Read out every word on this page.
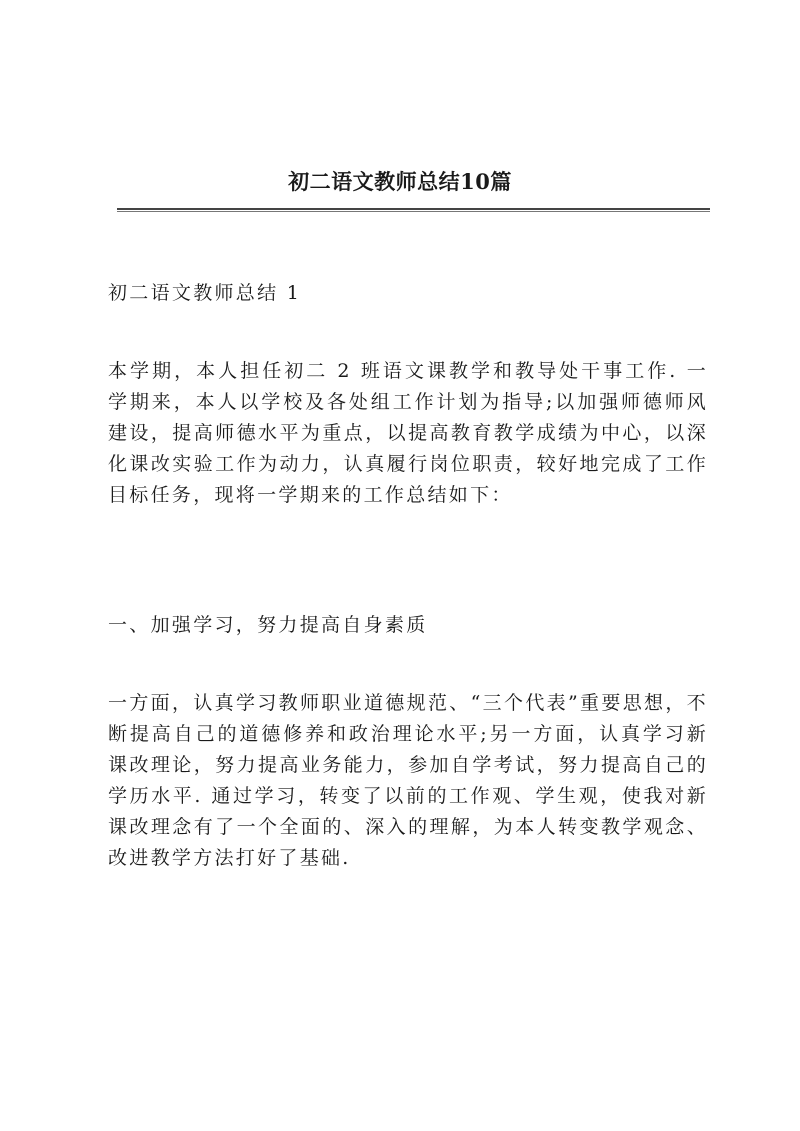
初二语文教师总结10篇

初二语文教师总结 1

本学期，本人担任初二 2 班语文课教学和教导处干事工作. 一学期来，本人以学校及各处组工作计划为指导;以加强师德师风建设，提高师德水平为重点，以提高教育教学成绩为中心，以深化课改实验工作为动力，认真履行岗位职责，较好地完成了工作目标任务，现将一学期来的工作总结如下：

一、加强学习，努力提高自身素质

一方面，认真学习教师职业道德规范、“三个代表”重要思想，不断提高自己的道德修养和政治理论水平;另一方面，认真学习新课改理论，努力提高业务能力，参加自学考试，努力提高自己的学历水平. 通过学习，转变了以前的工作观、学生观，使我对新课改理念有了一个全面的、深入的理解，为本人转变教学观念、改进教学方法打好了基础.
